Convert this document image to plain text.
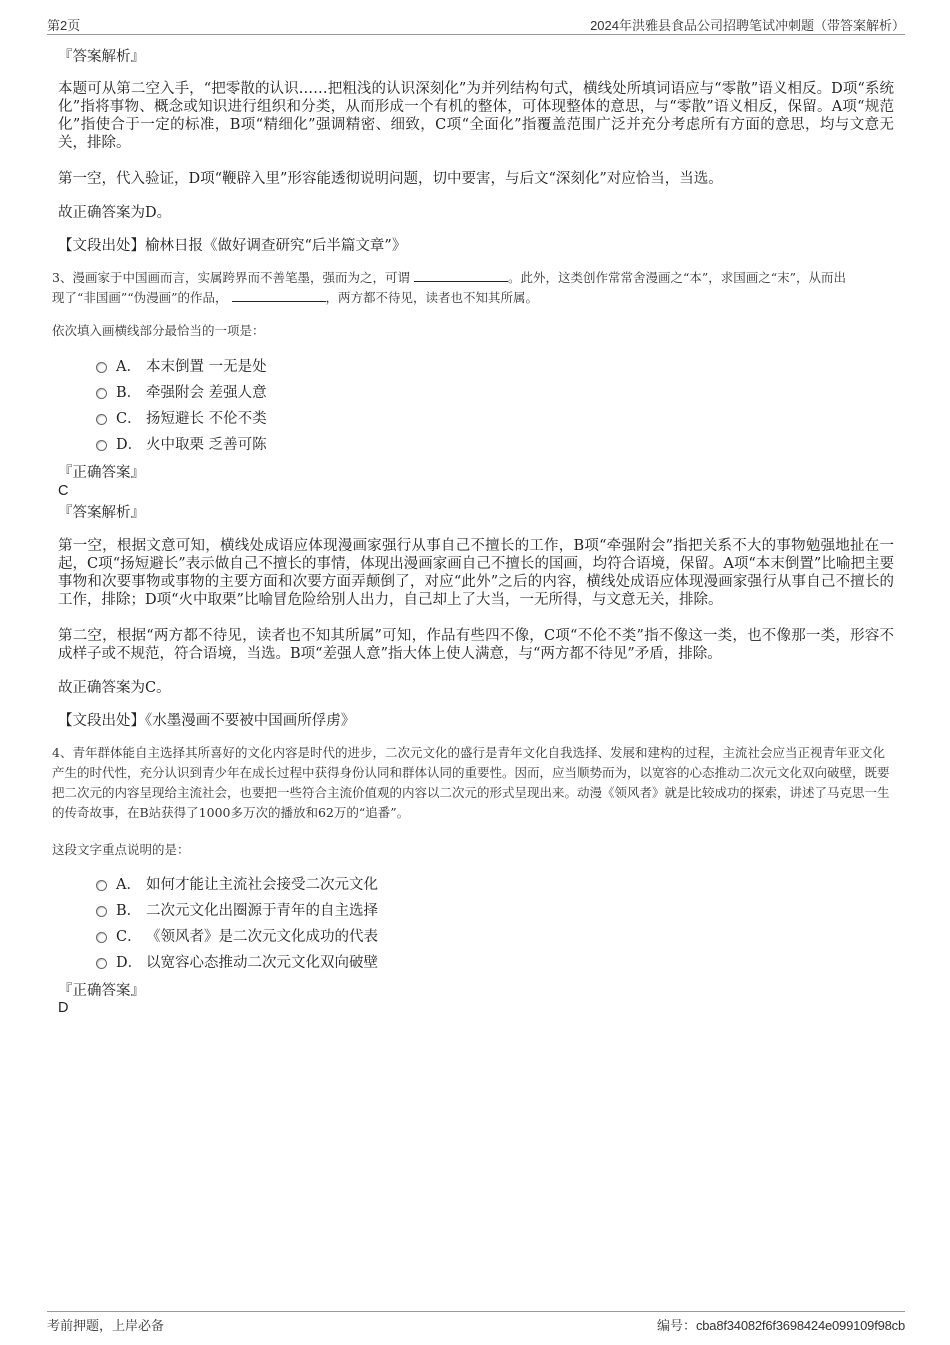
第2页	2024年洪雅县食品公司招聘笔试冲刺题（带答案解析）
『答案解析』

本题可从第二空入手，“把零散的认识……把粗浅的认识深刻化”为并列结构句式，横线处所填词语应与“零散”语义相反。D项“系统化”指将事物、概念或知识进行组织和分类，从而形成一个有机的整体，可体现整体的意思，与“零散”语义相反，保留。A项“规范化”指使合于一定的标准，B项“精细化”强调精密、细致，C项“全面化”指覆盖范围广泛并充分考虑所有方面的意思，均与文意无关，排除。

第一空，代入验证，D项“鞭辟入里”形容能透彻说明问题，切中要害，与后文“深刻化”对应恰当，当选。

故正确答案为D。

【文段出处】榆林日报《做好调查研究“后半篇文章”》

3、漫画家于中国画而言，实属跨界而不善笔墨，强而为之，可谓	。此外，这类创作常常舍漫画之“本”，求国画之“末”，从而出
现了“非国画”“伪漫画”的作品，	，两方都不待见，读者也不知其所属。
依次填入画横线部分最恰当的一项是：
A． 本末倒置 一无是处
B． 牵强附会 差强人意
C． 扬短避长 不伦不类
D． 火中取栗 乏善可陈
『正确答案』
C
『答案解析』

第一空，根据文意可知，横线处成语应体现漫画家强行从事自己不擅长的工作，B项“牵强附会”指把关系不大的事物勉强地扯在一起，C项“扬短避长”表示做自己不擅长的事情，体现出漫画家画自己不擅长的国画，均符合语境，保留。A项“本末倒置”比喻把主要事物和次要事物或事物的主要方面和次要方面弄颠倒了，对应“此外”之后的内容，横线处成语应体现漫画家强行从事自己不擅长的工作，排除；D项“火中取栗”比喻冒危险给别人出力，自己却上了大当，一无所得，与文意无关，排除。

第二空，根据“两方都不待见，读者也不知其所属”可知，作品有些四不像，C项“不伦不类”指不像这一类，也不像那一类，形容不成样子或不规范，符合语境，当选。B项“差强人意”指大体上使人满意，与“两方都不待见”矛盾，排除。

故正确答案为C。

【文段出处】《水墨漫画不要被中国画所俘虏》

4、青年群体能自主选择其所喜好的文化内容是时代的进步，二次元文化的盛行是青年文化自我选择、发展和建构的过程，主流社会应当正视青年亚文化产生的时代性，充分认识到青少年在成长过程中获得身份认同和群体认同的重要性。因而，应当顺势而为，以宽容的心态推动二次元文化双向破壁，既要把二次元的内容呈现给主流社会，也要把一些符合主流价值观的内容以二次元的形式呈现出来。动漫《领风者》就是比较成功的探索，讲述了马克思一生的传奇故事，在B站获得了1000多万次的播放和62万的“追番”。
这段文字重点说明的是：
A． 如何才能让主流社会接受二次元文化
B． 二次元文化出圈源于青年的自主选择
C． 《领风者》是二次元文化成功的代表
D． 以宽容心态推动二次元文化双向破壁
『正确答案』
D
考前押题，上岸必备	编号：cba8f34082f6f3698424e099109f98cb
